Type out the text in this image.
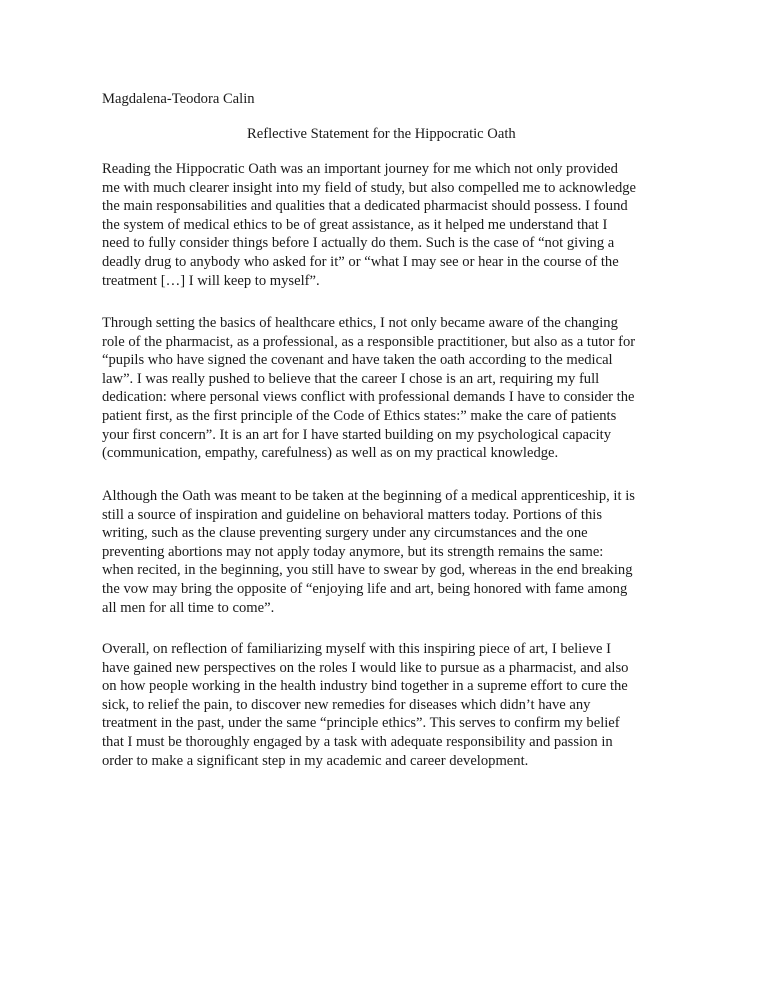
Magdalena-Teodora Calin
Reflective Statement for the Hippocratic Oath
Reading the Hippocratic Oath was an important journey for me which not only provided
me with much clearer insight into my field of study, but also compelled me to acknowledge
the main responsabilities and qualities that a dedicated pharmacist should possess. I found
the system of medical ethics to be of great assistance, as it helped me understand that I
need to fully consider things before I actually do them. Such is the case of “not giving a
deadly drug to anybody who asked for it” or “what I may see or hear in the course of the
treatment […] I will keep to myself”.
Through setting the basics of healthcare ethics, I not only became aware of the changing
role of the pharmacist, as a professional, as a responsible practitioner, but also as a tutor for
“pupils who have signed the covenant and have taken the oath according to the medical
law”. I was really pushed to believe that the career I chose is an art, requiring my full
dedication: where personal views conflict with professional demands I have to consider the
patient first, as the first principle of the Code of Ethics states:” make the care of patients
your first concern”. It is an art for I have started building on my psychological capacity
(communication, empathy, carefulness) as well as on my practical knowledge.
Although the Oath was meant to be taken at the beginning of a medical apprenticeship, it is
still a source of inspiration and guideline on behavioral matters today. Portions of this
writing, such as the clause preventing surgery under any circumstances and the one
preventing abortions may not apply today anymore, but its strength remains the same:
when recited, in the beginning, you still have to swear by god, whereas in the end breaking
the vow may bring the opposite of “enjoying life and art, being honored with fame among
all men for all time to come”.
Overall, on reflection of familiarizing myself with this inspiring piece of art, I believe I
have gained new perspectives on the roles I would like to pursue as a pharmacist, and also
on how people working in the health industry bind together in a supreme effort to cure the
sick, to relief the pain, to discover new remedies for diseases which didn’t have any
treatment in the past, under the same “principle ethics”. This serves to confirm my belief
that I must be thoroughly engaged by a task with adequate responsibility and passion in
order to make a significant step in my academic and career development.
